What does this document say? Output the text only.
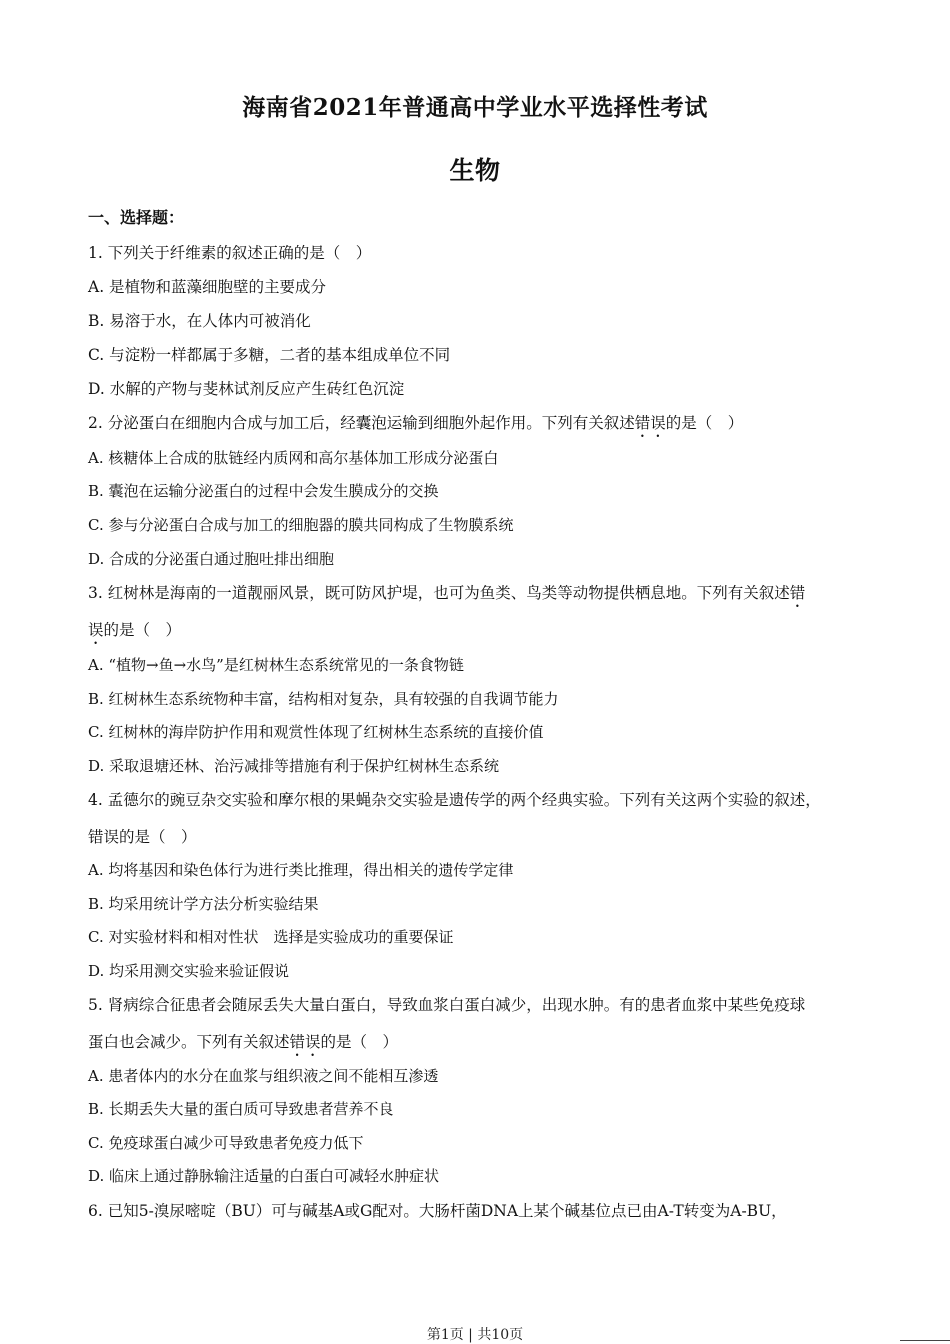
海南省2021年普通高中学业水平选择性考试
生物
一、选择题：
1. 下列关于纤维素的叙述正确的是（　）
A. 是植物和蓝藻细胞壁的主要成分
B. 易溶于水，在人体内可被消化
C. 与淀粉一样都属于多糖，二者的基本组成单位不同
D. 水解的产物与斐林试剂反应产生砖红色沉淀
2. 分泌蛋白在细胞内合成与加工后，经囊泡运输到细胞外起作用。下列有关叙述错误的是（　）
A. 核糖体上合成的肽链经内质网和高尔基体加工形成分泌蛋白
B. 囊泡在运输分泌蛋白的过程中会发生膜成分的交换
C. 参与分泌蛋白合成与加工的细胞器的膜共同构成了生物膜系统
D. 合成的分泌蛋白通过胞吐排出细胞
3. 红树林是海南的一道靓丽风景，既可防风护堤，也可为鱼类、鸟类等动物提供栖息地。下列有关叙述错
误的是（　）
A. “植物→鱼→水鸟”是红树林生态系统常见的一条食物链
B. 红树林生态系统物种丰富，结构相对复杂，具有较强的自我调节能力
C. 红树林的海岸防护作用和观赏性体现了红树林生态系统的直接价值
D. 采取退塘还林、治污减排等措施有利于保护红树林生态系统
4. 孟德尔的豌豆杂交实验和摩尔根的果蝇杂交实验是遗传学的两个经典实验。下列有关这两个实验的叙述，
错误的是（　）
A. 均将基因和染色体行为进行类比推理，得出相关的遗传学定律
B. 均采用统计学方法分析实验结果
C. 对实验材料和相对性状　选择是实验成功的重要保证
D. 均采用测交实验来验证假说
5. 肾病综合征患者会随尿丢失大量白蛋白，导致血浆白蛋白减少，出现水肿。有的患者血浆中某些免疫球
蛋白也会减少。下列有关叙述错误的是（　）
A. 患者体内的水分在血浆与组织液之间不能相互渗透
B. 长期丢失大量的蛋白质可导致患者营养不良
C. 免疫球蛋白减少可导致患者免疫力低下
D. 临床上通过静脉输注适量的白蛋白可减轻水肿症状
6. 已知5-溴尿嘧啶（BU）可与碱基A或G配对。大肠杆菌DNA上某个碱基位点已由A-T转变为A-BU，
第1页 | 共10页
